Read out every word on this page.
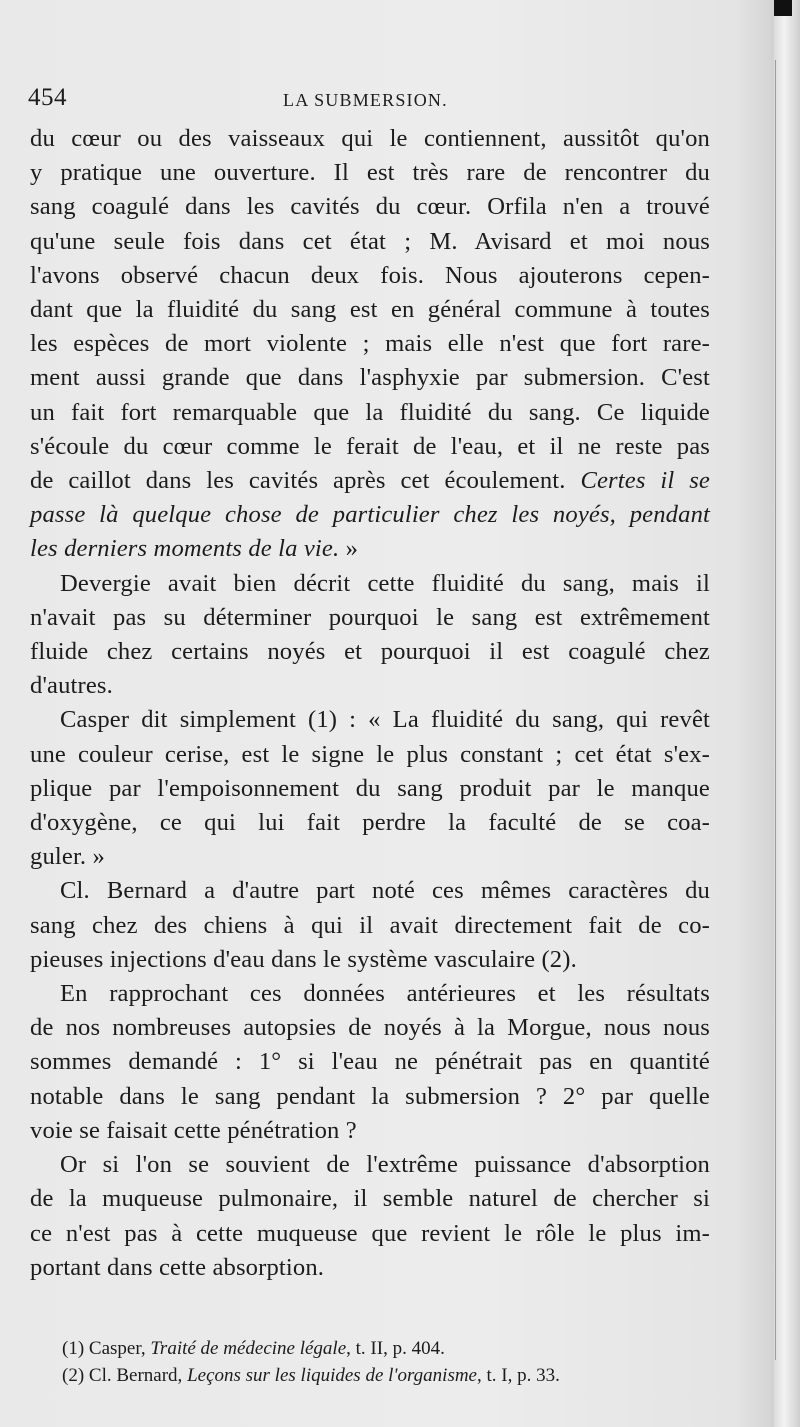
454	LA SUBMERSION.
du cœur ou des vaisseaux qui le contiennent, aussitôt qu'on
y pratique une ouverture. Il est très rare de rencontrer du
sang coagulé dans les cavités du cœur. Orfila n'en a trouvé
qu'une seule fois dans cet état ; M. Avisard et moi nous
l'avons observé chacun deux fois. Nous ajouterons cepen-
dant que la fluidité du sang est en général commune à toutes
les espèces de mort violente ; mais elle n'est que fort rare-
ment aussi grande que dans l'asphyxie par submersion. C'est
un fait fort remarquable que la fluidité du sang. Ce liquide
s'écoule du cœur comme le ferait de l'eau, et il ne reste pas
de caillot dans les cavités après cet écoulement. Certes il se
passe là quelque chose de particulier chez les noyés, pendant
les derniers moments de la vie. »
Devergie avait bien décrit cette fluidité du sang, mais il
n'avait pas su déterminer pourquoi le sang est extrêmement
fluide chez certains noyés et pourquoi il est coagulé chez
d'autres.
Casper dit simplement (1) : « La fluidité du sang, qui revêt
une couleur cerise, est le signe le plus constant ; cet état s'ex-
plique par l'empoisonnement du sang produit par le manque
d'oxygène, ce qui lui fait perdre la faculté de se coa-
guler. »
Cl. Bernard a d'autre part noté ces mêmes caractères du
sang chez des chiens à qui il avait directement fait de co-
pieuses injections d'eau dans le système vasculaire (2).
En rapprochant ces données antérieures et les résultats
de nos nombreuses autopsies de noyés à la Morgue, nous nous
sommes demandé : 1° si l'eau ne pénétrait pas en quantité
notable dans le sang pendant la submersion ? 2° par quelle
voie se faisait cette pénétration ?
Or si l'on se souvient de l'extrême puissance d'absorption
de la muqueuse pulmonaire, il semble naturel de chercher si
ce n'est pas à cette muqueuse que revient le rôle le plus im-
portant dans cette absorption.
(1) Casper, Traité de médecine légale, t. II, p. 404.
(2) Cl. Bernard, Leçons sur les liquides de l'organisme, t. I, p. 33.
